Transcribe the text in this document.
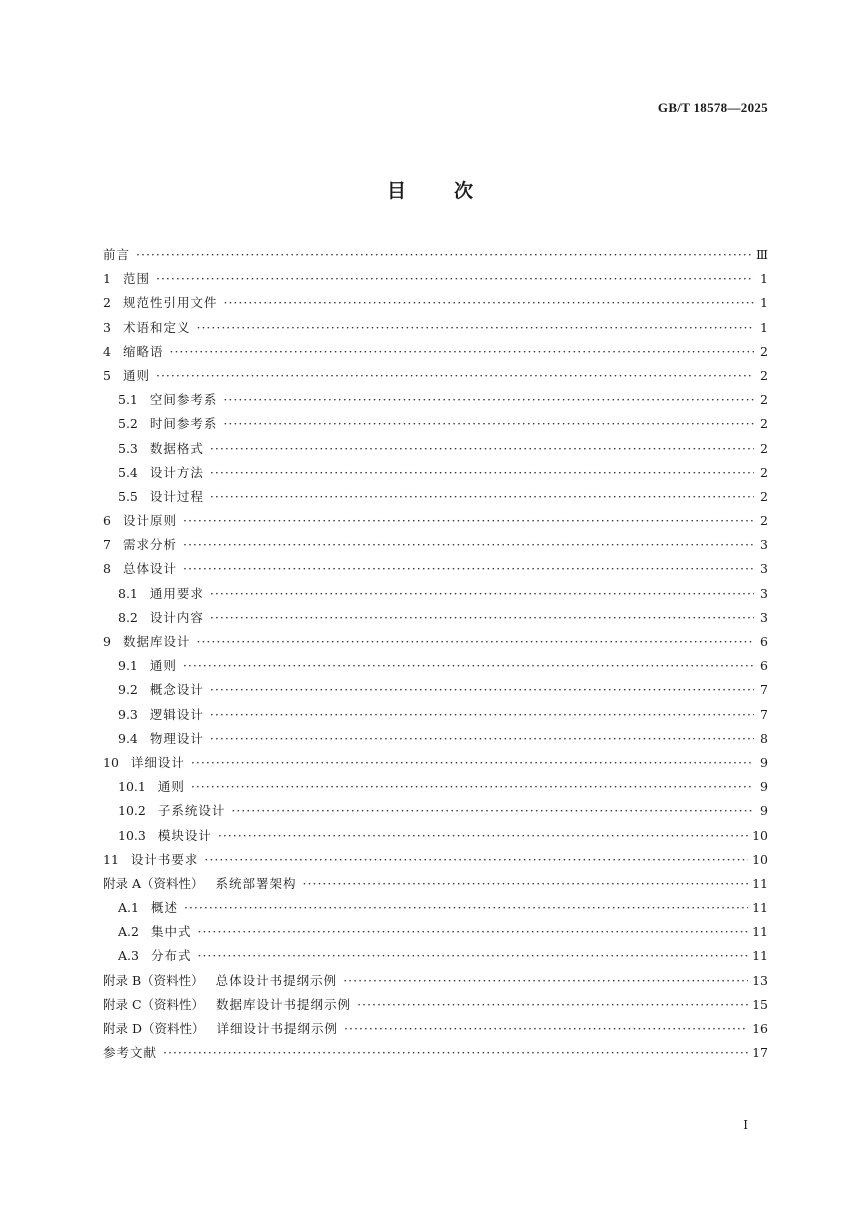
GB/T 18578—2025
目次
前言 ·····	Ⅲ
1 范围 ·····	1
2 规范性引用文件 ·····	1
3 术语和定义 ·····	1
4 缩略语 ·····	2
5 通则 ·····	2
5.1 空间参考系 ·····	2
5.2 时间参考系 ·····	2
5.3 数据格式 ·····	2
5.4 设计方法 ·····	2
5.5 设计过程 ·····	2
6 设计原则 ·····	2
7 需求分析 ·····	3
8 总体设计 ·····	3
8.1 通用要求 ·····	3
8.2 设计内容 ·····	3
9 数据库设计 ·····	6
9.1 通则 ·····	6
9.2 概念设计 ·····	7
9.3 逻辑设计 ·····	7
9.4 物理设计 ·····	8
10 详细设计 ·····	9
10.1 通则 ·····	9
10.2 子系统设计 ·····	9
10.3 模块设计 ·····	10
11 设计书要求 ·····	10
附录 A（资料性） 系统部署架构 ·····	11
A.1 概述 ·····	11
A.2 集中式 ·····	11
A.3 分布式 ·····	11
附录 B（资料性） 总体设计书提纲示例 ·····	13
附录 C（资料性） 数据库设计书提纲示例 ·····	15
附录 D（资料性） 详细设计书提纲示例 ·····	16
参考文献 ·····	17
I
